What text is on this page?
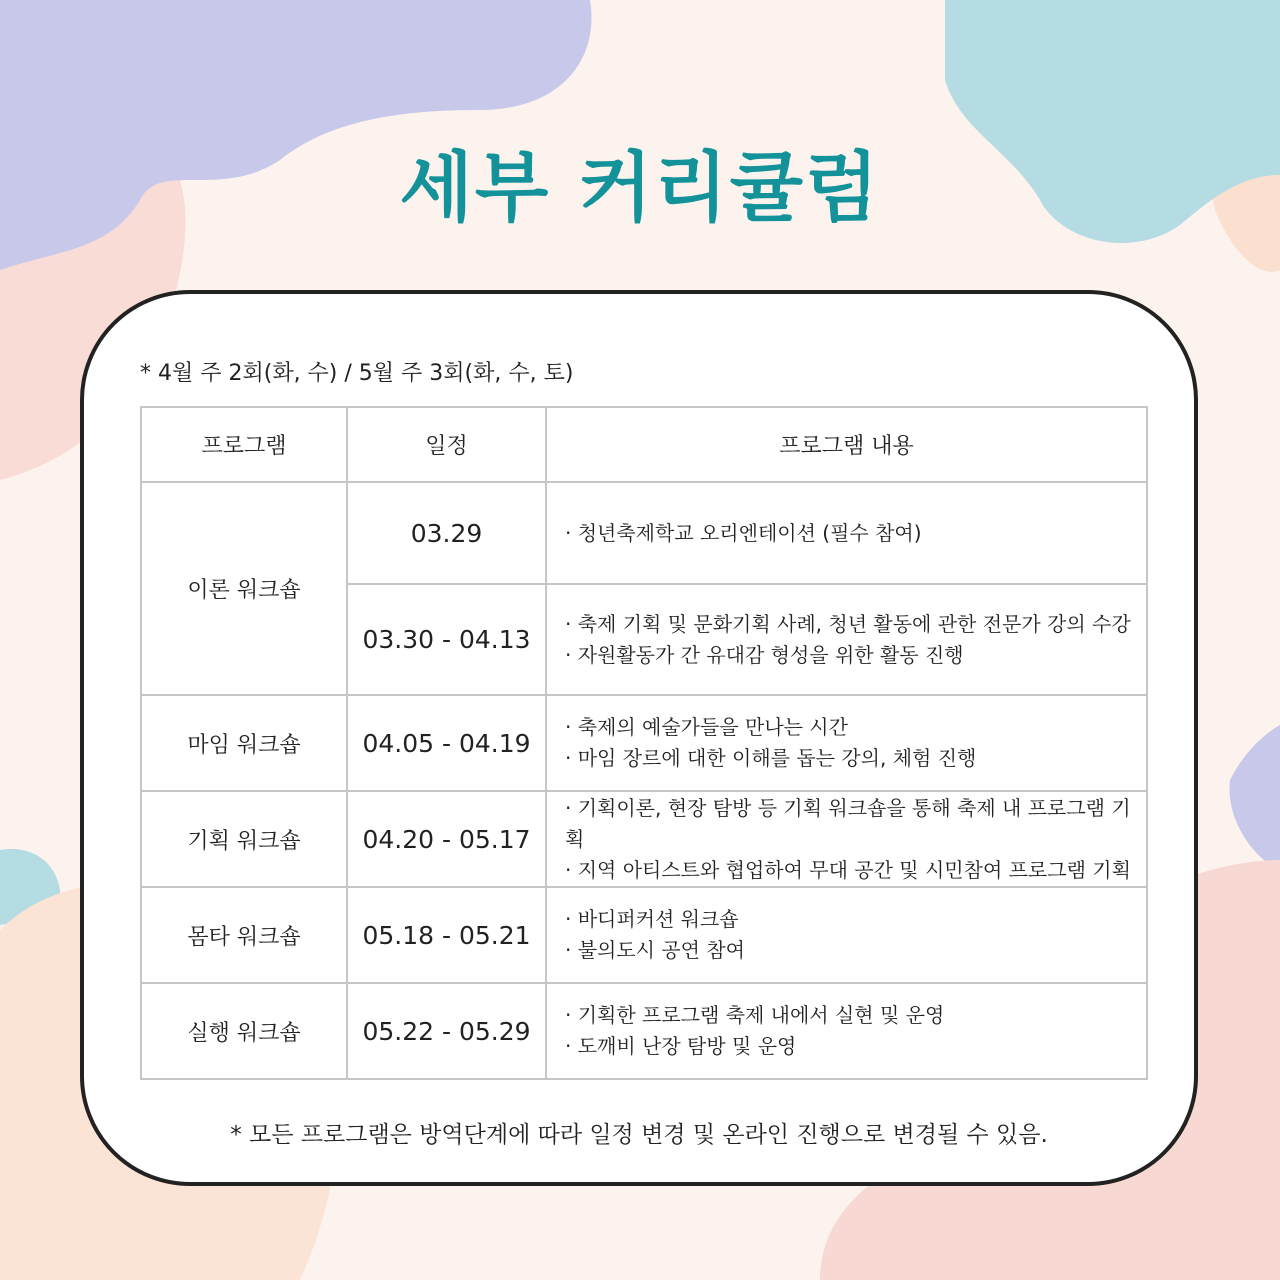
세부 커리큘럼
* 4월 주 2회(화, 수) / 5월 주 3회(화, 수, 토)
프로그램	일정	프로그램 내용
이론 워크숍	03.29	· 청년축제학교 오리엔테이션 (필수 참여)

	03.30 - 04.13	· 축제 기획 및 문화기획 사례, 청년 활동에 관한 전문가 강의 수강
· 자원활동가 간 유대감 형성을 위한 활동 진행

마임 워크숍	04.05 - 04.19	· 축제의 예술가들을 만나는 시간
· 마임 장르에 대한 이해를 돕는 강의, 체험 진행

기획 워크숍	04.20 - 05.17	· 기획이론, 현장 탐방 등 기획 워크숍을 통해 축제 내 프로그램 기획
· 지역 아티스트와 협업하여 무대 공간 및 시민참여 프로그램 기획

몸타 워크숍	05.18 - 05.21	· 바디퍼커션 워크숍
· 불의도시 공연 참여

실행 워크숍	05.22 - 05.29	· 기획한 프로그램 축제 내에서 실현 및 운영
· 도깨비 난장 탐방 및 운영
* 모든 프로그램은 방역단계에 따라 일정 변경 및 온라인 진행으로 변경될 수 있음.
